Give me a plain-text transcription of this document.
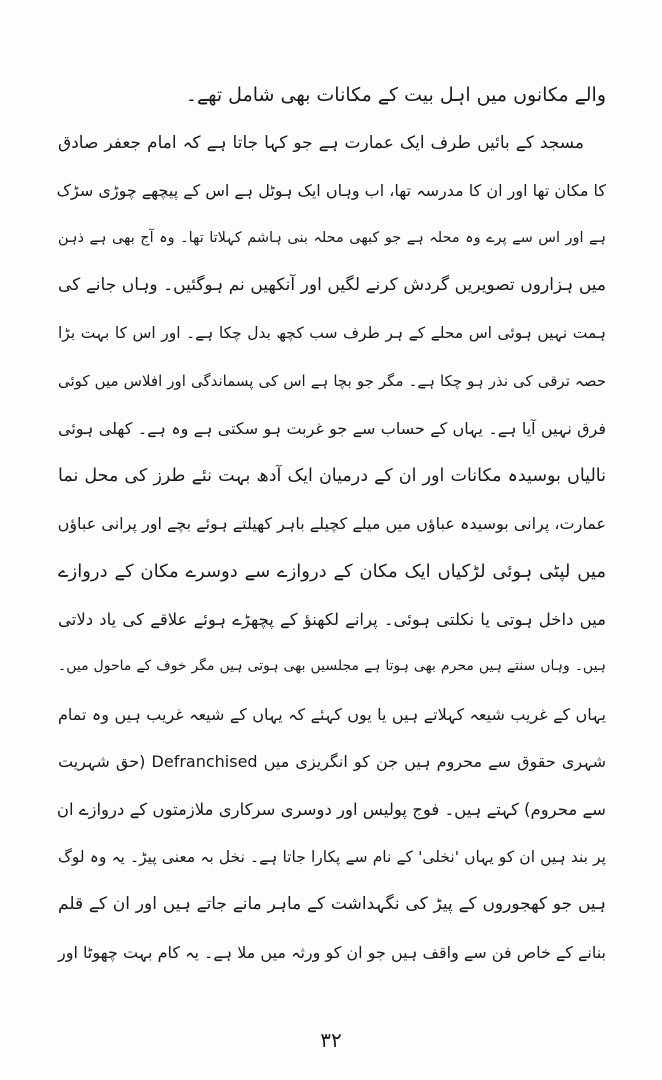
والے مکانوں میں اہل بیت کے مکانات بھی شامل تھے۔
مسجد کے بائیں طرف ایک عمارت ہے جو کہا جاتا ہے کہ امام جعفر صادق
کا مکان تھا اور ان کا مدرسہ تھا، اب وہاں ایک ہوٹل ہے اس کے پیچھے چوڑی سڑک
ہے اور اس سے پرے وہ محلہ ہے جو کبھی محلہ بنی ہاشم کہلاتا تھا۔ وہ آج بھی ہے ذہن
میں ہزاروں تصویریں گردش کرنے لگیں اور آنکھیں نم ہوگئیں۔ وہاں جانے کی
ہمت نہیں ہوئی اس محلے کے ہر طرف سب کچھ بدل چکا ہے۔ اور اس کا بہت بڑا
حصہ ترقی کی نذر ہو چکا ہے۔ مگر جو بچا ہے اس کی پسماندگی اور افلاس میں کوئی
فرق نہیں آیا ہے۔ یہاں کے حساب سے جو غربت ہو سکتی ہے وہ ہے۔ کھلی ہوئی
نالیاں بوسیدہ مکانات اور ان کے درمیان ایک آدھ بہت نئے طرز کی محل نما
عمارت، پرانی بوسیدہ عباؤں میں میلے کچیلے باہر کھیلتے ہوئے بچے اور پرانی عباؤں
میں لپٹی ہوئی لڑکیاں ایک مکان کے دروازے سے دوسرے مکان کے دروازے
میں داخل ہوتی یا نکلتی ہوئی۔ پرانے لکھنؤ کے پچھڑے ہوئے علاقے کی یاد دلاتی
ہیں۔ وہاں سنتے ہیں محرم بھی ہوتا ہے مجلسیں بھی ہوتی ہیں مگر خوف کے ماحول میں۔
یہاں کے غریب شیعہ کہلاتے ہیں یا یوں کہئے کہ یہاں کے شیعہ غریب ہیں وہ تمام
شہری حقوق سے محروم ہیں جن کو انگریزی میں Defranchised (حق شہریت
سے محروم) کہتے ہیں۔ فوج پولیس اور دوسری سرکاری ملازمتوں کے دروازے ان
پر بند ہیں ان کو یہاں 'نخلی' کے نام سے پکارا جاتا ہے۔ نخل بہ معنی پیڑ۔ یہ وہ لوگ
ہیں جو کھجوروں کے پیڑ کی نگہداشت کے ماہر مانے جاتے ہیں اور ان کے قلم
بنانے کے خاص فن سے واقف ہیں جو ان کو ورثہ میں ملا ہے۔ یہ کام بہت چھوٹا اور
۳۲
